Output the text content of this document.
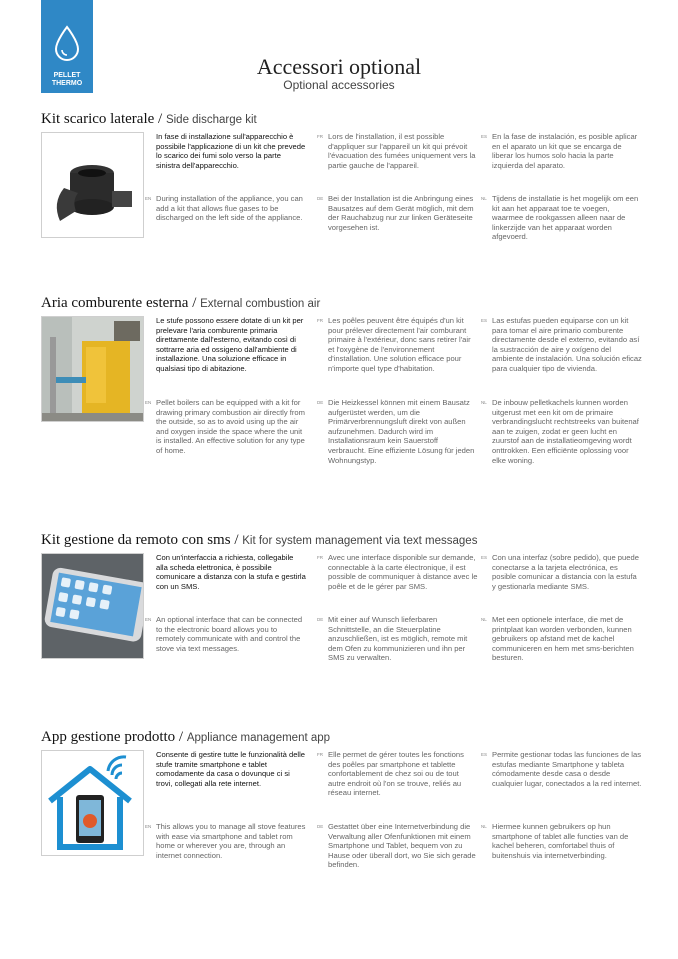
PELLET
THERMO
Accessori optional
Optional accessories
Kit scarico laterale / Side discharge kit
In fase di installazione sull'apparecchio è possibile l'applicazione di un kit che prevede lo scarico dei fumi solo verso la parte sinistra dell'apparecchio.
FR Lors de l'installation, il est possible d'appliquer sur l'appareil un kit qui prévoit l'évacuation des fumées uniquement vers la partie gauche de l'appareil.
ES En la fase de instalación, es posible aplicar en el aparato un kit que se encarga de liberar los humos solo hacia la parte izquierda del aparato.
EN During installation of the appliance, you can add a kit that allows flue gases to be discharged on the left side of the appliance.
DE Bei der Installation ist die Anbringung eines Bausatzes auf dem Gerät möglich, mit dem der Rauchabzug nur zur linken Geräteseite vorgesehen ist.
NL Tijdens de installatie is het mogelijk om een kit aan het apparaat toe te voegen, waarmee de rookgassen alleen naar de linkerzijde van het apparaat worden afgevoerd.
Aria comburente esterna / External combustion air
Le stufe possono essere dotate di un kit per prelevare l'aria comburente primaria direttamente dall'esterno, evitando così di sottrarre aria ed ossigeno dall'ambiente di installazione. Una soluzione efficace in qualsiasi tipo di abitazione.
FR Les poêles peuvent être équipés d'un kit pour prélever directement l'air comburant primaire à l'extérieur, donc sans retirer l'air et l'oxygène de l'environnement d'installation. Une solution efficace pour n'importe quel type d'habitation.
ES Las estufas pueden equiparse con un kit para tomar el aire primario comburente directamente desde el externo, evitando así la sustracción de aire y oxígeno del ambiente de instalación. Una solución eficaz para cualquier tipo de vivienda.
EN Pellet boilers can be equipped with a kit for drawing primary combustion air directly from the outside, so as to avoid using up the air and oxygen inside the space where the unit is installed. An effective solution for any type of home.
DE Die Heizkessel können mit einem Bausatz aufgerüstet werden, um die Primärverbrennungsluft direkt von außen aufzunehmen. Dadurch wird im Installationsraum kein Sauerstoff verbraucht. Eine effiziente Lösung für jeden Wohnungstyp.
NL De inbouw pelletkachels kunnen worden uitgerust met een kit om de primaire verbrandingslucht rechtstreeks van buitenaf aan te zuigen, zodat er geen lucht en zuurstof aan de installatieomgeving wordt onttrokken. Een efficiënte oplossing voor elke woning.
Kit gestione da remoto con sms / Kit for system management via text messages
Con un'interfaccia a richiesta, collegabile alla scheda elettronica, è possibile comunicare a distanza con la stufa e gestirla con un SMS.
FR Avec une interface disponible sur demande, connectable à la carte électronique, il est possible de communiquer à distance avec le poêle et de le gérer par SMS.
ES Con una interfaz (sobre pedido), que puede conectarse a la tarjeta electrónica, es posible comunicar a distancia con la estufa y gestionarla mediante SMS.
EN An optional interface that can be connected to the electronic board allows you to remotely communicate with and control the stove via text messages.
DE Mit einer auf Wunsch lieferbaren Schnittstelle, an die Steuerplatine anzuschließen, ist es möglich, remote mit dem Ofen zu kommunizieren und ihn per SMS zu verwalten.
NL Met een optionele interface, die met de printplaat kan worden verbonden, kunnen gebruikers op afstand met de kachel communiceren en hem met sms-berichten besturen.
App gestione prodotto / Appliance management app
Consente di gestire tutte le funzionalità delle stufe tramite smartphone e tablet comodamente da casa o dovunque ci si trovi, collegati alla rete internet.
FR Elle permet de gérer toutes les fonctions des poêles par smartphone et tablette confortablement de chez soi ou de tout autre endroit où l'on se trouve, reliés au réseau internet.
ES Permite gestionar todas las funciones de las estufas mediante Smartphone y tableta cómodamente desde casa o desde cualquier lugar, conectados a la red internet.
EN This allows you to manage all stove features with ease via smartphone and tablet rom home or wherever you are, through an internet connection.
DE Gestattet über eine Internetverbindung die Verwaltung aller Ofenfunktionen mit einem Smartphone und Tablet, bequem von zu Hause oder überall dort, wo Sie sich gerade befinden.
NL Hiermee kunnen gebruikers op hun smartphone of tablet alle functies van de kachel beheren, comfortabel thuis of buitenshuis via internetverbinding.
